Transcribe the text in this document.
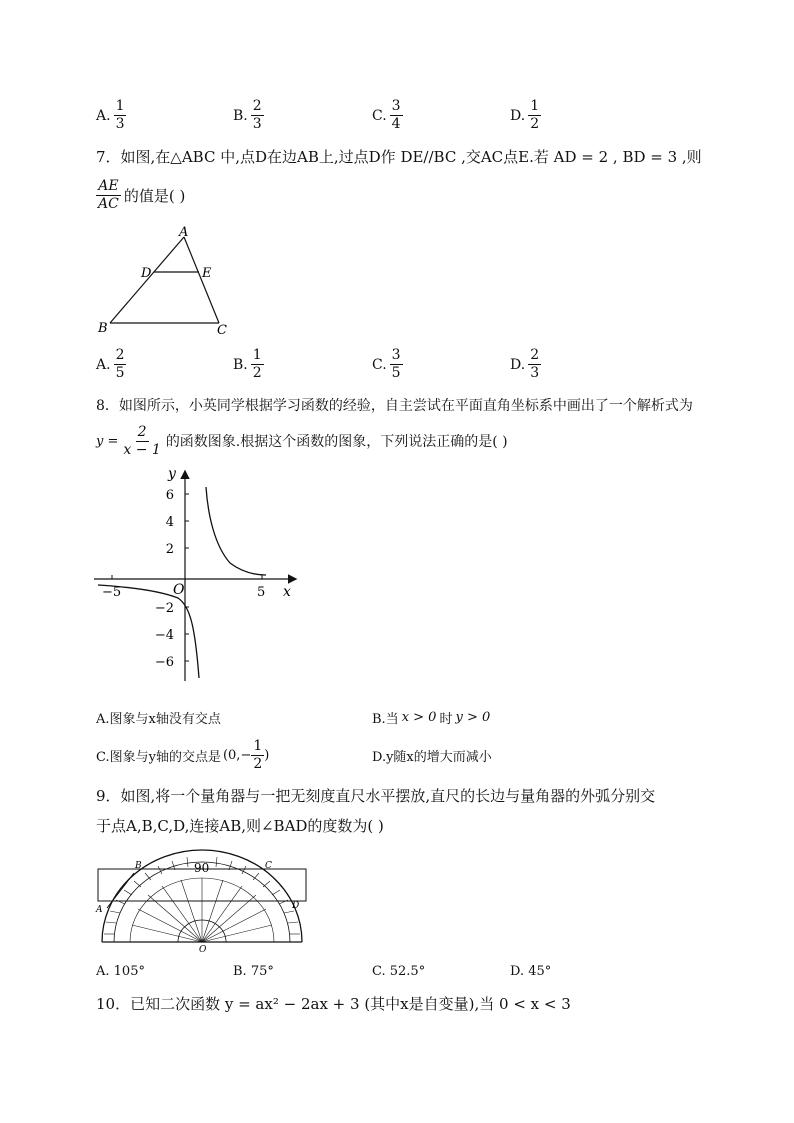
A. $\frac{1}{3}$	B. $\frac{2}{3}$	C. $\frac{3}{4}$	D. $\frac{1}{2}$
7．如图,在△ABC 中,点D在边AB上,过点D作 DE//BC ,交AC点E.若 AD = 2 , BD = 3 ,则
$\frac{AE}{AC}$ 的值是( )
A
D	E
B	C
A. $\frac{2}{5}$	B. $\frac{1}{2}$	C. $\frac{3}{5}$	D. $\frac{2}{3}$
8．如图所示，小英同学根据学习函数的经验，自主尝试在平面直角坐标系中画出了一个解析式为
$y = \frac{2}{x - 1}$ 的函数图象.根据这个函数的图象，下列说法正确的是( )
y
x
O
6
4
2
−2
−4
−6
−5	5
A.图象与x轴没有交点	B.当 x > 0 时 y > 0
C.图象与y轴的交点是 ($0,- \frac{1}{2}$ )	D.y随x的增大而减小
9．如图,将一个量角器与一把无刻度直尺水平摆放,直尺的长边与量角器的外弧分别交
于点A,B,C,D,连接AB,则∠BAD的度数为( )
90
A
B	C
D
O
A. 105°	B. 75°	C. 52.5°	D. 45°
10．已知二次函数 y = ax² − 2ax + 3 (其中x是自变量),当 0 < x < 3
